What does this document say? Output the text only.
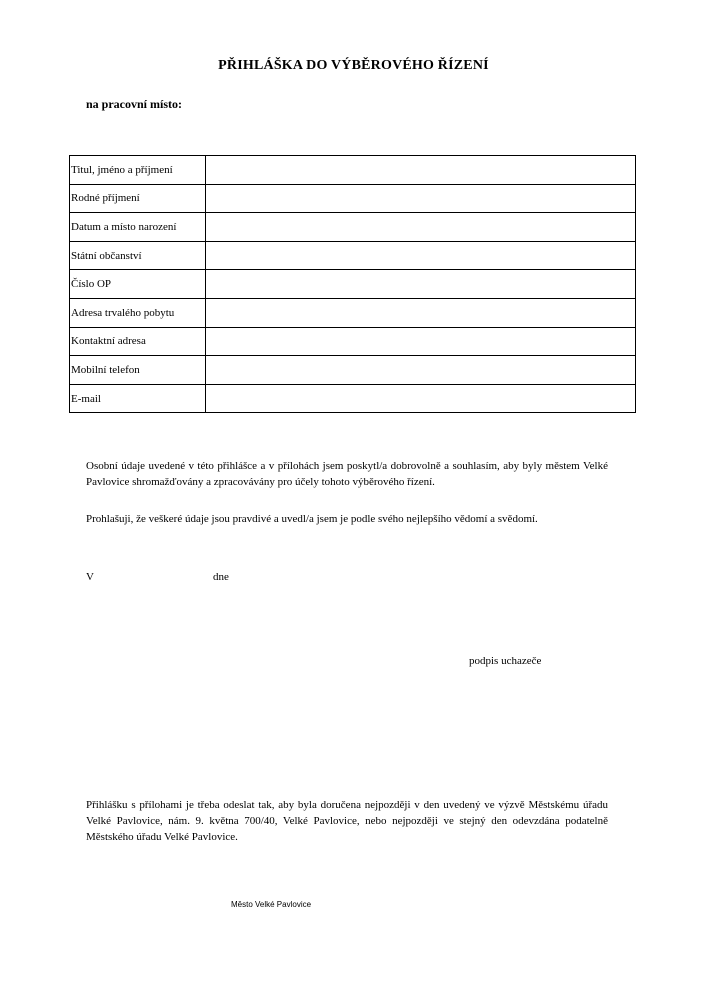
PŘIHLÁŠKA DO VÝBĚROVÉHO ŘÍZENÍ
na pracovní místo:
Titul, jméno a příjmení	
Rodné příjmení	
Datum a místo narození	
Státní občanství	
Číslo OP	
Adresa trvalého pobytu	
Kontaktní adresa	
Mobilní telefon	
E-mail	
Osobní údaje uvedené v této přihlášce a v přílohách jsem poskytl/a dobrovolně a souhlasím, aby byly městem Velké Pavlovice shromažďovány a zpracovávány pro účely tohoto výběrového řízení.
Prohlašuji, že veškeré údaje jsou pravdivé a uvedl/a jsem je podle svého nejlepšího vědomí a svědomí.
V	dne
podpis uchazeče
Přihlášku s přílohami je třeba odeslat tak, aby byla doručena nejpozději v den uvedený ve výzvě Městskému úřadu Velké Pavlovice, nám. 9. května 700/40, Velké Pavlovice, nebo nejpozději ve stejný den odevzdána podatelně Městského úřadu Velké Pavlovice.
Město Velké Pavlovice
